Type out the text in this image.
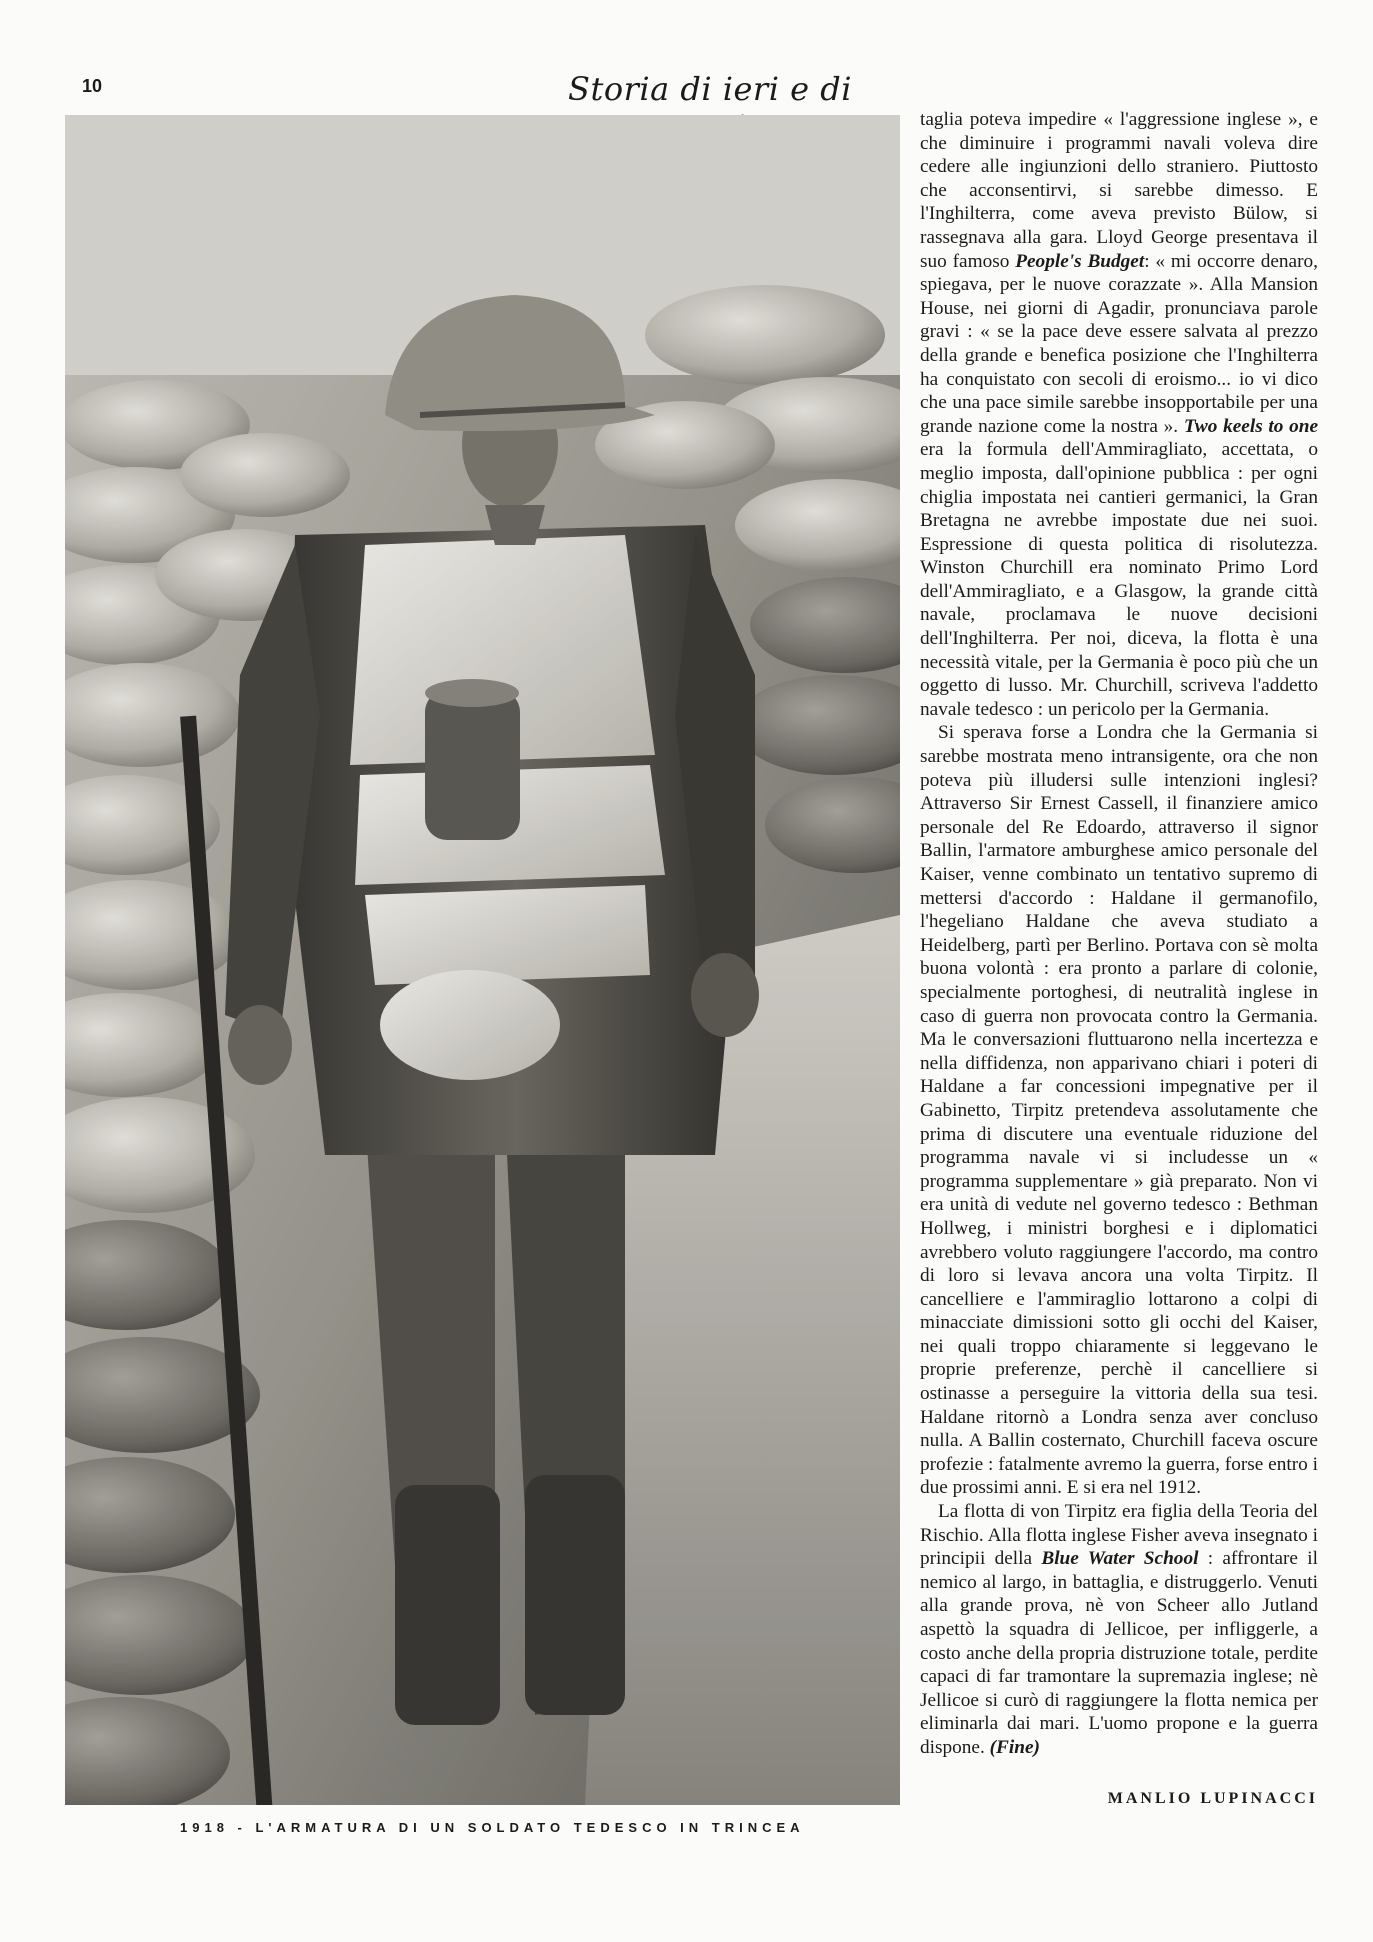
10	Storia di ieri e di
1918 - L'ARMATURA DI UN SOLDATO TEDESCO IN TRINCEA

taglia poteva impedire « l'aggressione inglese », e che diminuire i programmi navali voleva dire cedere alle ingiunzioni dello straniero. Piuttosto che acconsentirvi, si sarebbe dimesso. E l'Inghilterra, come aveva previsto Bülow, si rassegnava alla gara. Lloyd George presentava il suo famoso People's Budget: « mi occorre denaro, spiegava, per le nuove corazzate ». Alla Mansion House, nei giorni di Agadir, pronunciava parole gravi : « se la pace deve essere salvata al prezzo della grande e benefica posizione che l'Inghilterra ha conquistato con secoli di eroismo... io vi dico che una pace simile sarebbe insopportabile per una grande nazione come la nostra ». Two keels to one era la formula dell'Ammiragliato, accettata, o meglio imposta, dall'opinione pubblica : per ogni chiglia impostata nei cantieri germanici, la Gran Bretagna ne avrebbe impostate due nei suoi. Espressione di questa politica di risolutezza. Winston Churchill era nominato Primo Lord dell'Ammiragliato, e a Glasgow, la grande città navale, proclamava le nuove decisioni dell'Inghilterra. Per noi, diceva, la flotta è una necessità vitale, per la Germania è poco più che un oggetto di lusso. Mr. Churchill, scriveva l'addetto navale tedesco : un pericolo per la Germania.

Si sperava forse a Londra che la Germania si sarebbe mostrata meno intransigente, ora che non poteva più illudersi sulle intenzioni inglesi? Attraverso Sir Ernest Cassell, il finanziere amico personale del Re Edoardo, attraverso il signor Ballin, l'armatore amburghese amico personale del Kaiser, venne combinato un tentativo supremo di mettersi d'accordo : Haldane il germanofilo, l'hegeliano Haldane che aveva studiato a Heidelberg, partì per Berlino. Portava con sè molta buona volontà : era pronto a parlare di colonie, specialmente portoghesi, di neutralità inglese in caso di guerra non provocata contro la Germania. Ma le conversazioni fluttuarono nella incertezza e nella diffidenza, non apparivano chiari i poteri di Haldane a far concessioni impegnative per il Gabinetto, Tirpitz pretendeva assolutamente che prima di discutere una eventuale riduzione del programma navale vi si includesse un « programma supplementare » già preparato. Non vi era unità di vedute nel governo tedesco : Bethman Hollweg, i ministri borghesi e i diplomatici avrebbero voluto raggiungere l'accordo, ma contro di loro si levava ancora una volta Tirpitz. Il cancelliere e l'ammiraglio lottarono a colpi di minacciate dimissioni sotto gli occhi del Kaiser, nei quali troppo chiaramente si leggevano le proprie preferenze, perchè il cancelliere si ostinasse a perseguire la vittoria della sua tesi. Haldane ritornò a Londra senza aver concluso nulla. A Ballin costernato, Churchill faceva oscure profezie : fatalmente avremo la guerra, forse entro i due prossimi anni. E si era nel 1912.

La flotta di von Tirpitz era figlia della Teoria del Rischio. Alla flotta inglese Fisher aveva insegnato i principii della Blue Water School : affrontare il nemico al largo, in battaglia, e distruggerlo. Venuti alla grande prova, nè von Scheer allo Jutland aspettò la squadra di Jellicoe, per infliggerle, a costo anche della propria distruzione totale, perdite capaci di far tramontare la supremazia inglese; nè Jellicoe si curò di raggiungere la flotta nemica per eliminarla dai mari. L'uomo propone e la guerra dispone. (Fine)

MANLIO LUPINACCI
